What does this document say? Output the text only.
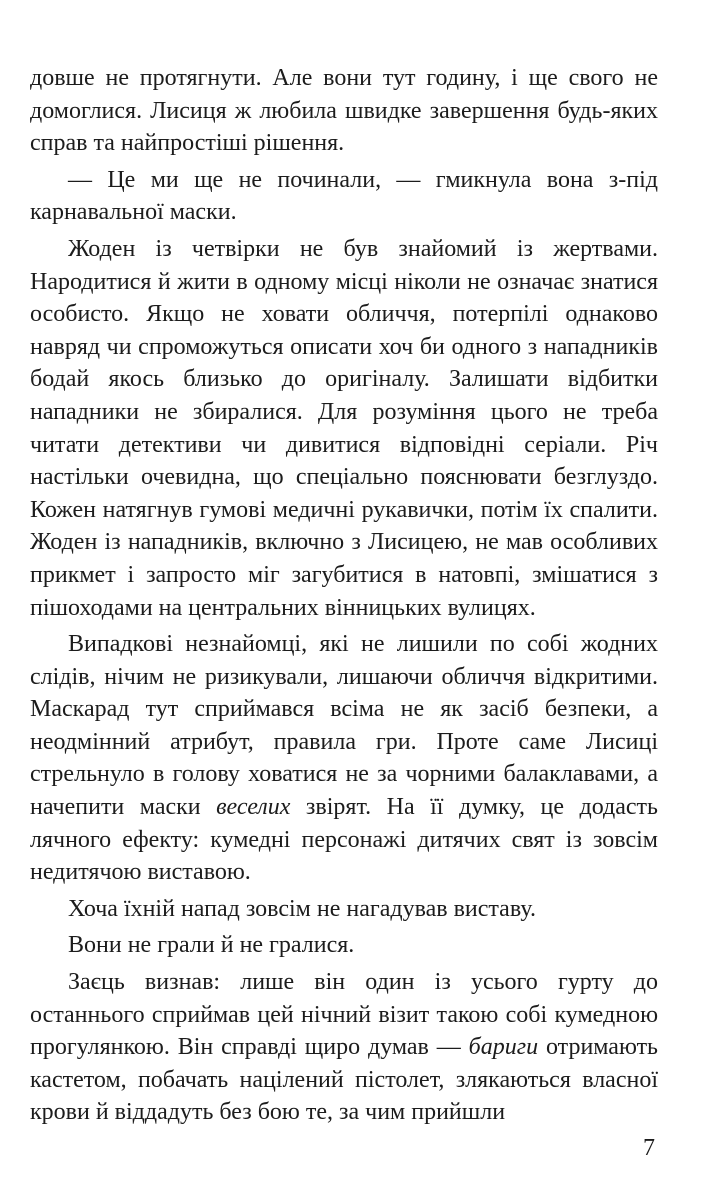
довше не протягнути. Але вони тут годину, і ще свого не домоглися. Лисиця ж любила швидке завершення будь-яких справ та найпростіші рішення.

— Це ми ще не починали, — гмикнула вона з-під карнавальної маски.

Жоден із четвірки не був знайомий із жертвами. Народитися й жити в одному місці ніколи не означає знатися особисто. Якщо не ховати обличчя, потерпілі однаково навряд чи спроможуться описати хоч би одного з нападників бодай якось близько до оригіналу. Залишати відбитки нападники не збиралися. Для розуміння цього не треба читати детективи чи дивитися відповідні серіали. Річ настільки очевидна, що спеціально пояснювати безглуздо. Кожен натягнув гумові медичні рукавички, потім їх спалити. Жоден із нападників, включно з Лисицею, не мав особливих прикмет і запросто міг загубитися в натовпі, змішатися з пішоходами на центральних вінницьких вулицях.

Випадкові незнайомці, які не лишили по собі жодних слідів, нічим не ризикували, лишаючи обличчя відкритими. Маскарад тут сприймався всіма не як засіб безпеки, а неодмінний атрибут, правила гри. Проте саме Лисиці стрельнуло в голову ховатися не за чорними балаклавами, а начепити маски веселих звірят. На її думку, це додасть лячного ефекту: кумедні персонажі дитячих свят із зовсім недитячою виставою.

Хоча їхній напад зовсім не нагадував виставу.

Вони не грали й не гралися.

Заєць визнав: лише він один із усього гурту до останнього сприймав цей нічний візит такою собі кумедною прогулянкою. Він справді щиро думав — бариги отримають кастетом, побачать націлений пістолет, злякаються власної крови й віддадуть без бою те, за чим прийшли

7
